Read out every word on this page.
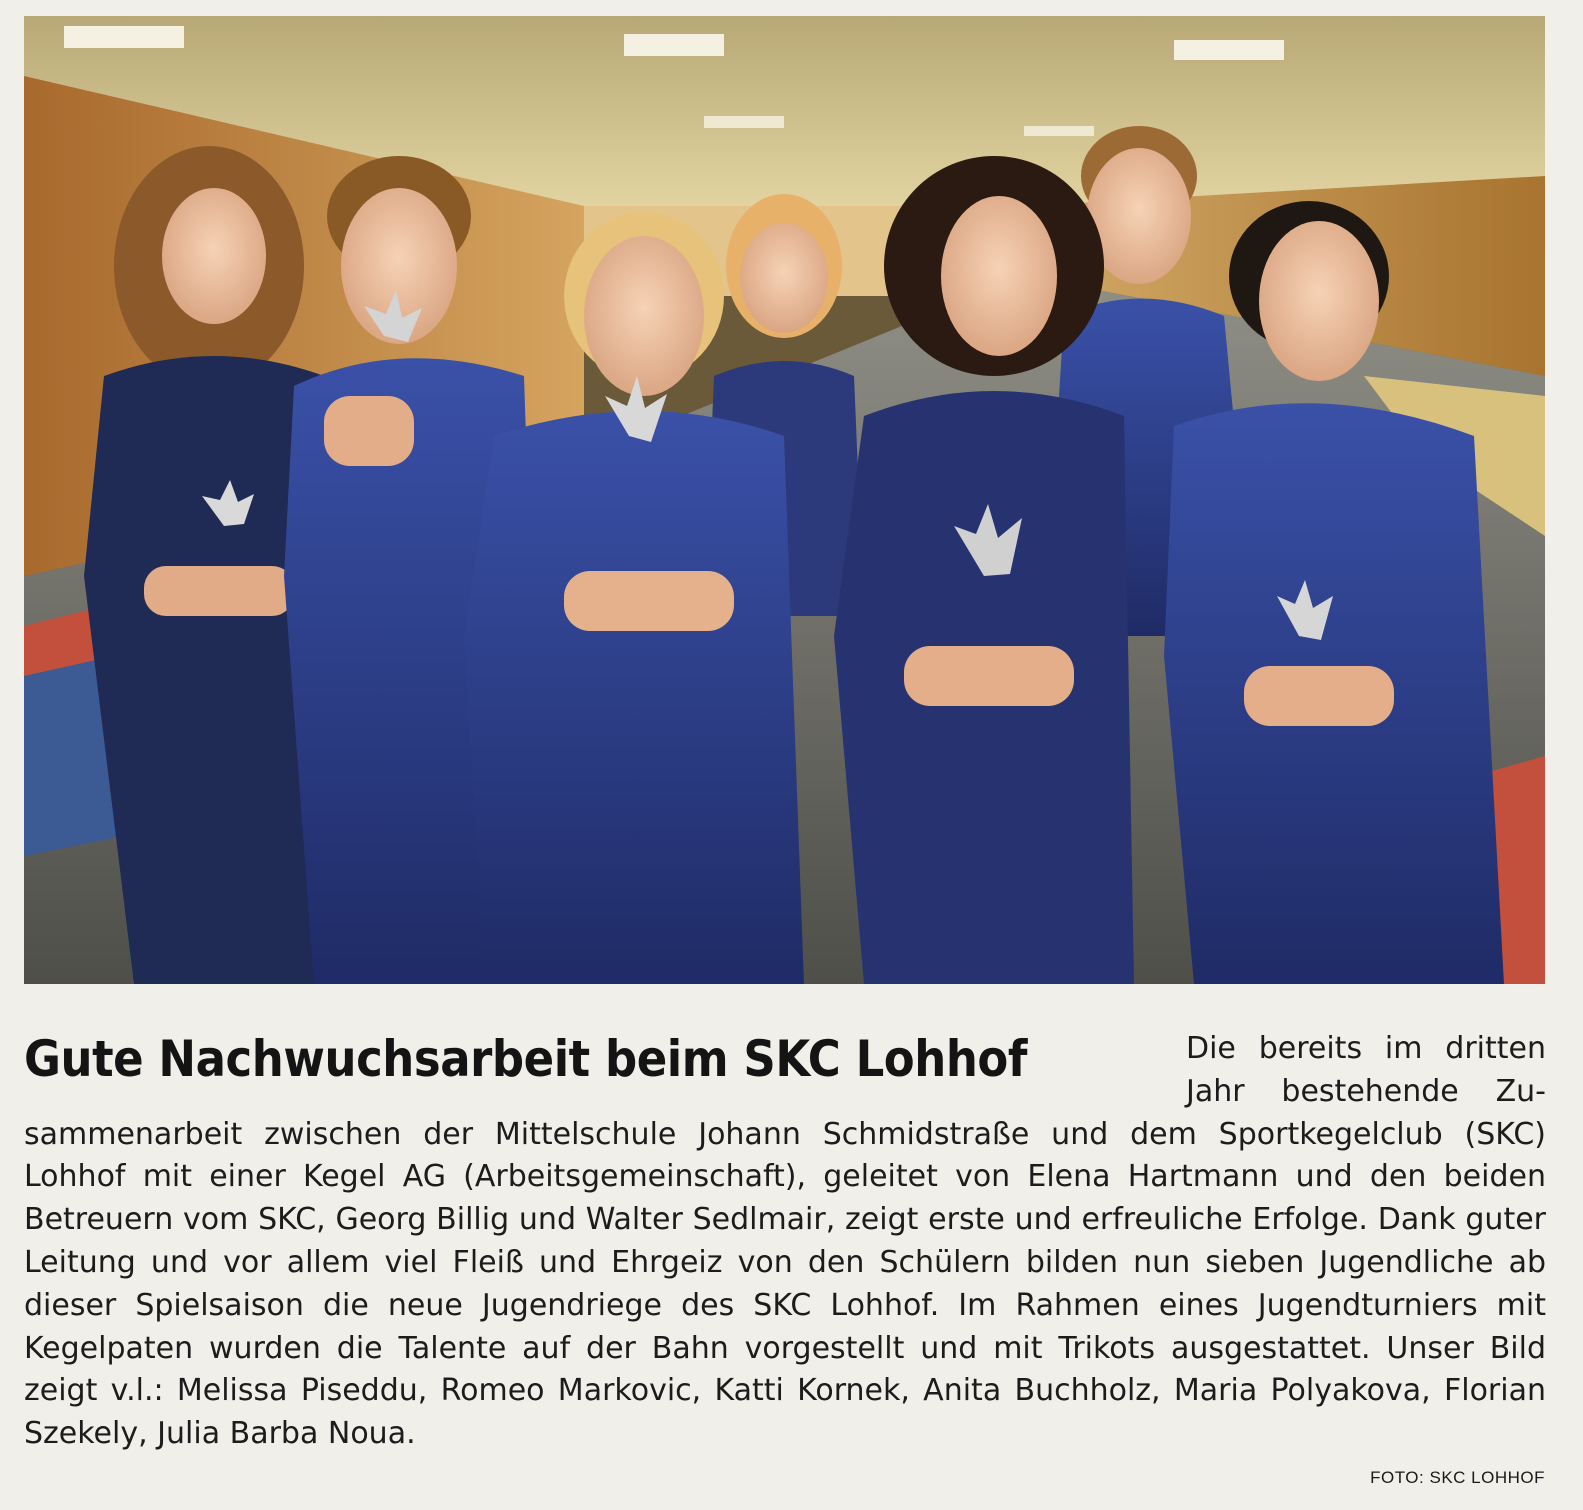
Gute Nachwuchsarbeit beim SKC Lohhof	Die bereits im dritten Jahr bestehende Zusammenarbeit zwischen der Mittelschule Johann Schmidstraße und dem Sportkegelclub (SKC) Lohhof mit einer Kegel AG (Arbeitsgemeinschaft), geleitet von Elena Hartmann und den beiden Betreuern vom SKC, Georg Billig und Walter Sedlmair, zeigt erste und erfreuliche Erfolge. Dank guter Leitung und vor allem viel Fleiß und Ehrgeiz von den Schülern bilden nun sieben Jugendliche ab dieser Spielsaison die neue Jugendriege des SKC Lohhof. Im Rahmen eines Jugendturniers mit Kegelpaten wurden die Talente auf der Bahn vorgestellt und mit Trikots ausgestattet. Unser Bild zeigt v.l.: Melissa Piseddu, Romeo Markovic, Katti Kornek, Anita Buchholz, Maria Polyakova, Florian Szekely, Julia Barba Noua.

FOTO: SKC LOHHOF
